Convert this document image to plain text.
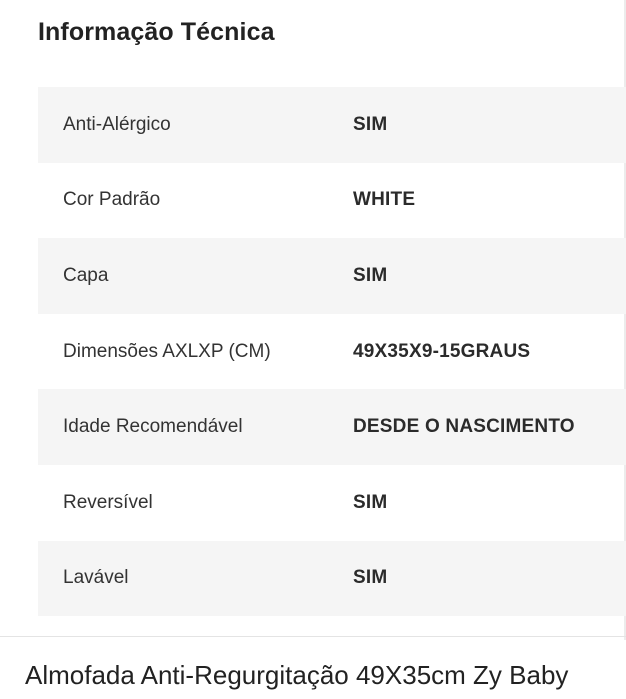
Informação Técnica
Anti-Alérgico	SIM
Cor Padrão	WHITE
Capa	SIM
Dimensões AXLXP (CM)	49X35X9-15GRAUS
Idade Recomendável	DESDE O NASCIMENTO
Reversível	SIM
Lavável	SIM
Almofada Anti-Regurgitação 49X35cm Zy Baby
